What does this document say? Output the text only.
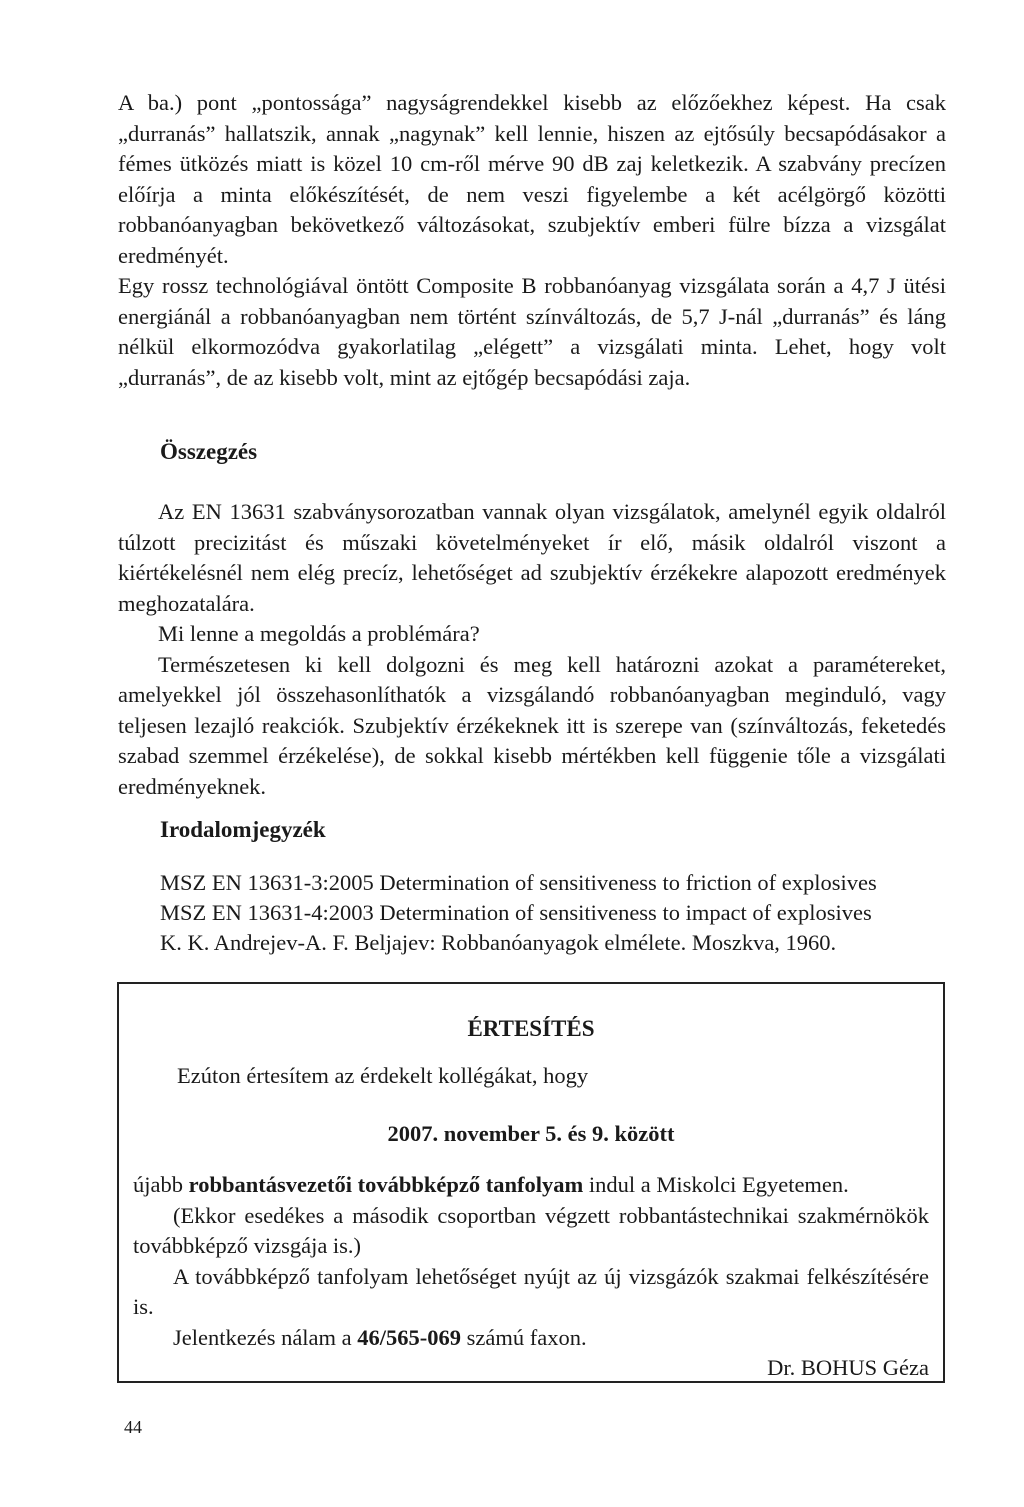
A ba.) pont „pontossága” nagyságrendekkel kisebb az előzőekhez képest. Ha csak „durranás” hallatszik, annak „nagynak” kell lennie, hiszen az ejtősúly becsapódásakor a fémes ütközés miatt is közel 10 cm-ről mérve 90 dB zaj keletkezik. A szabvány precízen előírja a minta előkészítését, de nem veszi figyelembe a két acélgörgő közötti robbanóanyagban bekövetkező változásokat, szubjektív emberi fülre bízza a vizsgálat eredményét.

Egy rossz technológiával öntött Composite B robbanóanyag vizsgálata során a 4,7 J ütési energiánál a robbanóanyagban nem történt színváltozás, de 5,7 J-nál „durranás” és láng nélkül elkormozódva gyakorlatilag „elégett” a vizsgálati minta. Lehet, hogy volt „durranás”, de az kisebb volt, mint az ejtőgép becsapódási zaja.

Összegzés

Az EN 13631 szabványsorozatban vannak olyan vizsgálatok, amelynél egyik oldalról túlzott precizitást és műszaki követelményeket ír elő, másik oldalról viszont a kiértékelésnél nem elég precíz, lehetőséget ad szubjektív érzékekre alapozott eredmények meghozatalára.

Mi lenne a megoldás a problémára?

Természetesen ki kell dolgozni és meg kell határozni azokat a paramétereket, amelyekkel jól összehasonlíthatók a vizsgálandó robbanóanyagban meginduló, vagy teljesen lezajló reakciók. Szubjektív érzékeknek itt is szerepe van (színváltozás, feketedés szabad szemmel érzékelése), de sokkal kisebb mértékben kell függenie tőle a vizsgálati eredményeknek.

Irodalomjegyzék
MSZ EN 13631-3:2005 Determination of sensitiveness to friction of explosives
MSZ EN 13631-4:2003 Determination of sensitiveness to impact of explosives
K. K. Andrejev-A. F. Beljajev: Robbanóanyagok elmélete. Moszkva, 1960.
ÉRTESÍTÉS
Ezúton értesítem az érdekelt kollégákat, hogy
2007. november 5. és 9. között

újabb robbantásvezetői továbbképző tanfolyam indul a Miskolci Egyetemen.

(Ekkor esedékes a második csoportban végzett robbantástechnikai szakmérnökök továbbképző vizsgája is.)

A továbbképző tanfolyam lehetőséget nyújt az új vizsgázók szakmai felkészítésére is.

Jelentkezés nálam a 46/565-069 számú faxon.

Dr. BOHUS Géza

44
